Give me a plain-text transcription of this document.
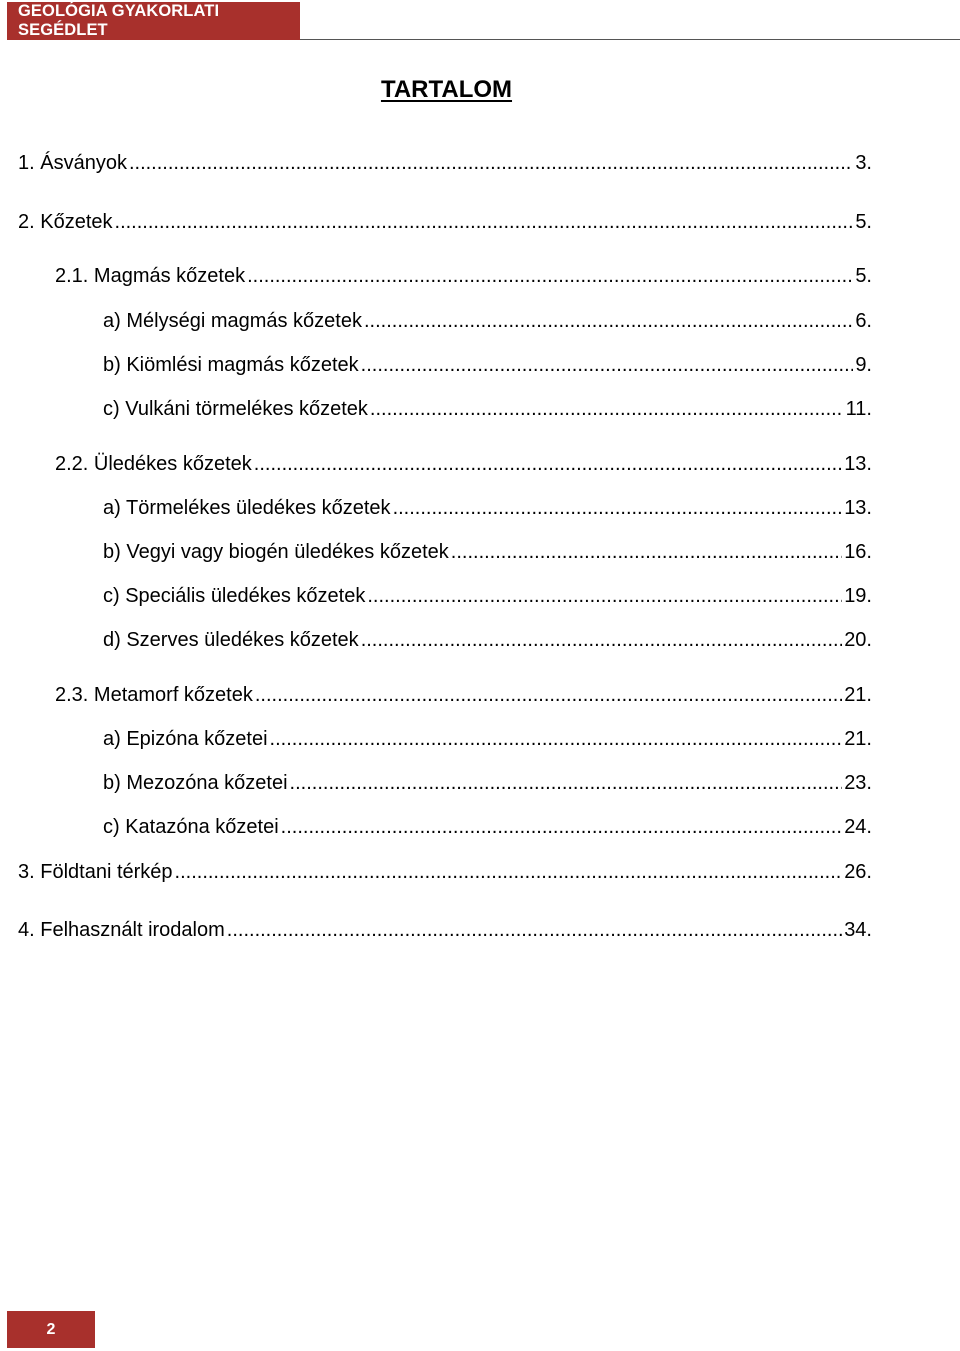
GEOLÓGIA GYAKORLATI SEGÉDLET
TARTALOM
1. Ásványok .....	3.
2. Kőzetek .....	5.
2.1. Magmás kőzetek .....	5.
a) Mélységi magmás kőzetek .....	6.
b) Kiömlési magmás kőzetek .....	9.
c) Vulkáni törmelékes kőzetek .....	11.
2.2. Üledékes kőzetek .....	13.
a) Törmelékes üledékes kőzetek .....	13.
b) Vegyi vagy biogén üledékes kőzetek .....	16.
c) Speciális üledékes kőzetek .....	19.
d) Szerves üledékes kőzetek .....	20.
2.3. Metamorf kőzetek .....	21.
a) Epizóna kőzetei .....	21.
b) Mezozóna kőzetei .....	23.
c) Katazóna kőzetei .....	24.
3. Földtani térkép .....	26.
4. Felhasznált irodalom .....	34.
2
